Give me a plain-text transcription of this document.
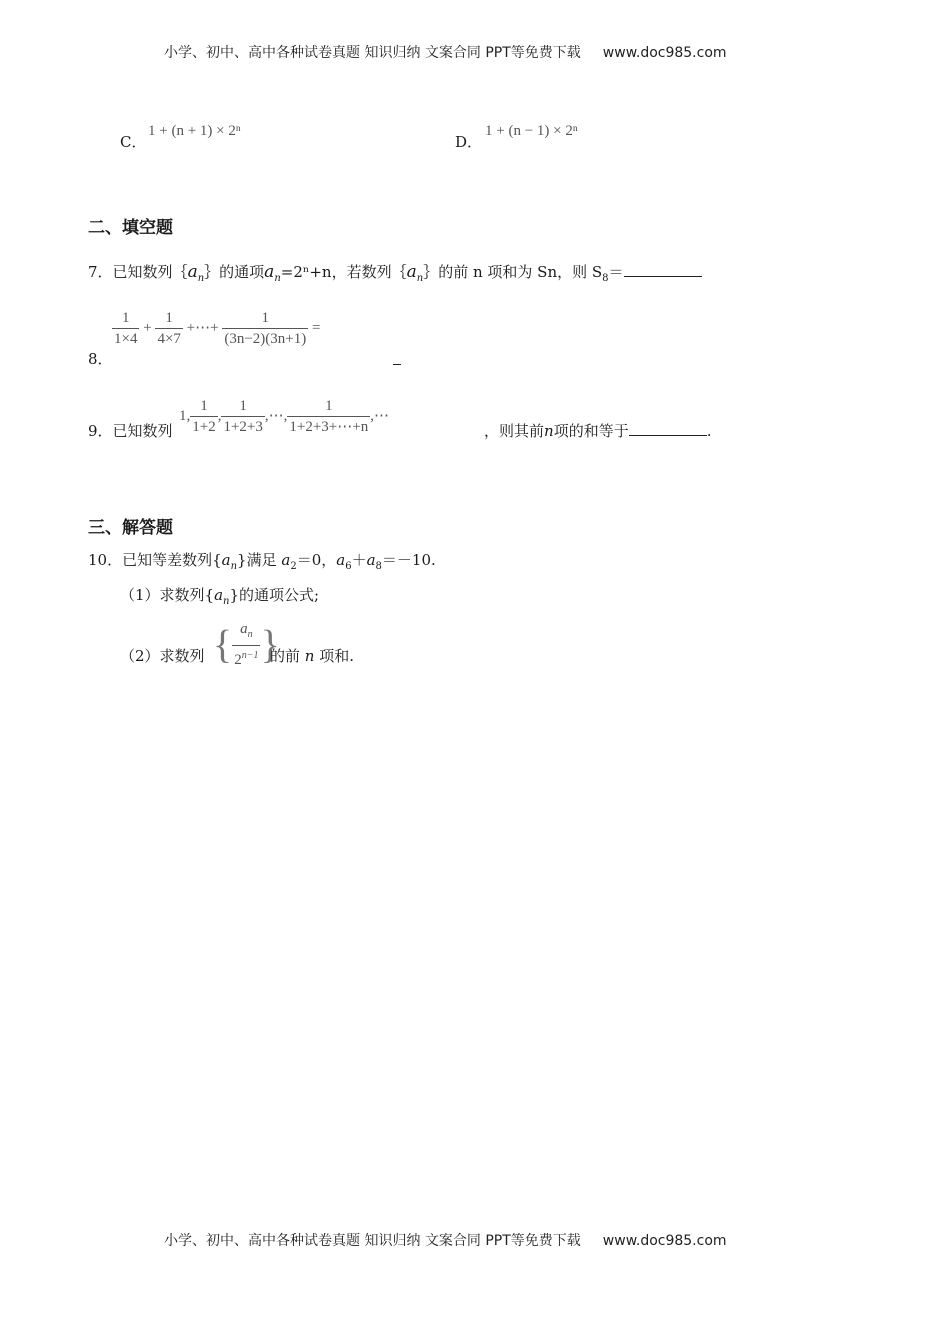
小学、初中、高中各种试卷真题 知识归纳 文案合同 PPT等免费下载 www.doc985.com
C．
1 + (n + 1) × 2ⁿ
D．
1 + (n − 1) × 2ⁿ
二、填空题
7．已知数列$\{a_n\}$的通项$a_n=2^n+n$，若数列$\{a_n\}$的前 n 项和为 Sn，则 $S_8=$
8．
$\frac{1}{1\times 4} + \frac{1}{4\times 7}$ +⋯+ $\frac{1}{(3n-2)(3n+1)}$ =
9．已知数列
1, $\frac{1}{1+2}$ , $\frac{1}{1+2+3}$ ,⋯, $\frac{1}{1+2+3+\cdots+n}$ ,⋯
，则其前n项的和等于	.
三、解答题
10．已知等差数列$\{a_n\}$满足 $a_2=0$，$a_6+a_8=-10$.
（1）求数列$\{a_n\}$的通项公式;
（2）求数列 { $\frac{a_n}{2^{n-1}}$ }
的前 n 项和.
小学、初中、高中各种试卷真题 知识归纳 文案合同 PPT等免费下载 www.doc985.com
